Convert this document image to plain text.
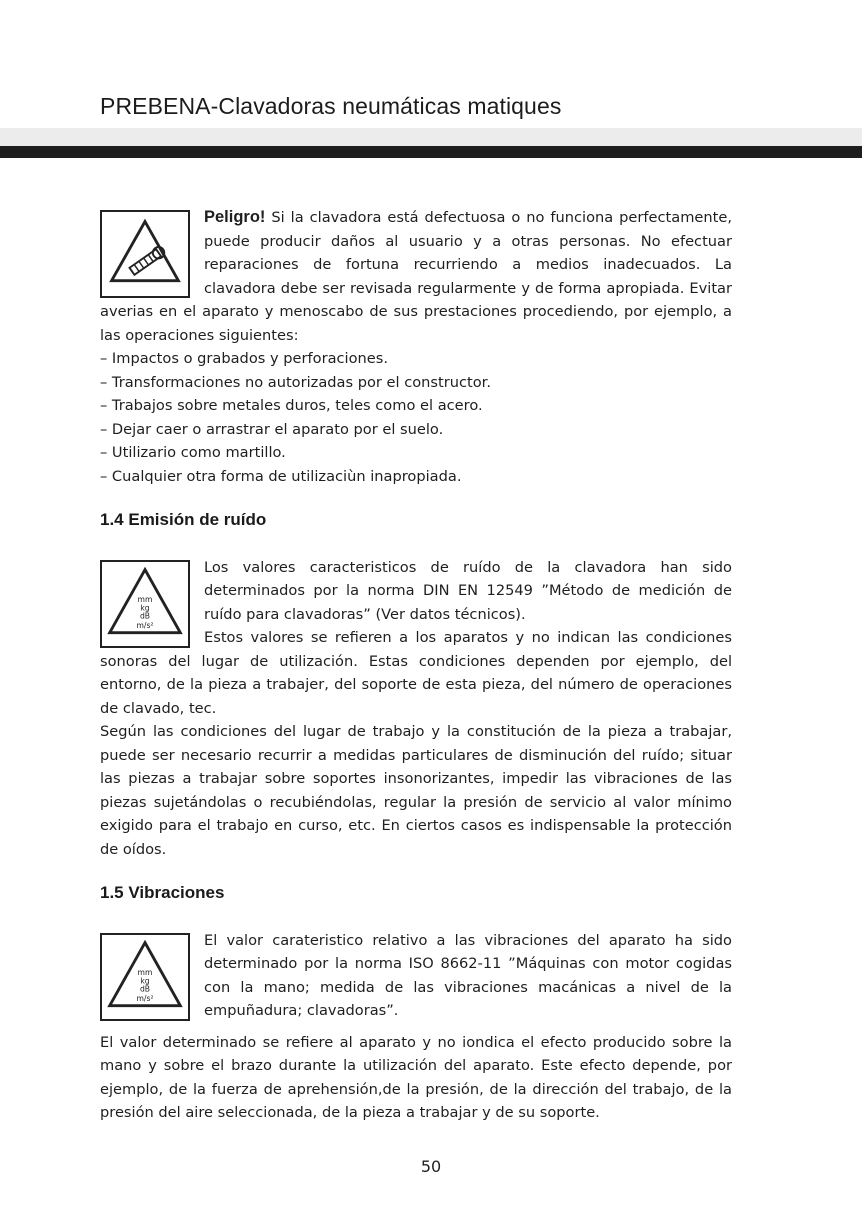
PREBENA-Clavadoras neumáticas matiques

Peligro! Si la clavadora está defectuosa o no funciona perfectamente, puede producir daños al usuario y a otras personas. No efectuar reparaciones de fortuna recurriendo a medios inadecuados. La clavadora debe ser revisada regularmente y de forma apropiada. Evitar averias en el aparato y menoscabo de sus prestaciones procediendo, por ejemplo, a las operaciones siguientes:

– Impactos o grabados y perforaciones.
– Transformaciones no autorizadas por el constructor.
– Trabajos sobre metales duros, teles como el acero.
– Dejar caer o arrastrar el aparato por el suelo.
– Utilizario como martillo.
– Cualquier otra forma de utilizaciùn inapropiada.
1.4 Emisión de ruído
mm
kg
dB
m/s²

Los valores caracteristicos de ruído de la clavadora han sido determinados por la norma DIN EN 12549 ”Método de medición de ruído para clavadoras” (Ver datos técnicos).

Estos valores se refieren a los aparatos y no indican las condiciones sonoras del lugar de utilización. Estas condiciones dependen por ejemplo, del entorno, de la pieza a trabajer, del soporte de esta pieza, del número de operaciones de clavado, tec.

Según las condiciones del lugar de trabajo y la constitución de la pieza a trabajar, puede ser necesario recurrir a medidas particulares de disminución del ruído; situar las piezas a trabajar sobre soportes insonorizantes, impedir las vibraciones de las piezas sujetándolas o recubiéndolas, regular la presión de servicio al valor mínimo exigido para el trabajo en curso, etc. En ciertos casos es indispensable la protección de oídos.

1.5 Vibraciones
mm
kg
dB
m/s²

El valor carateristico relativo a las vibraciones del aparato ha sido determinado por la norma ISO 8662-11 ”Máquinas con motor cogidas con la mano; medida de las vibraciones macánicas a nivel de la empuñadura; clavadoras”.

El valor determinado se refiere al aparato y no iondica el efecto producido sobre la mano y sobre el brazo durante la utilización del aparato. Este efecto depende, por ejemplo, de la fuerza de aprehensión,de la presión, de la dirección del trabajo, de la presión del aire seleccionada, de la pieza a trabajar y de su soporte.

50
